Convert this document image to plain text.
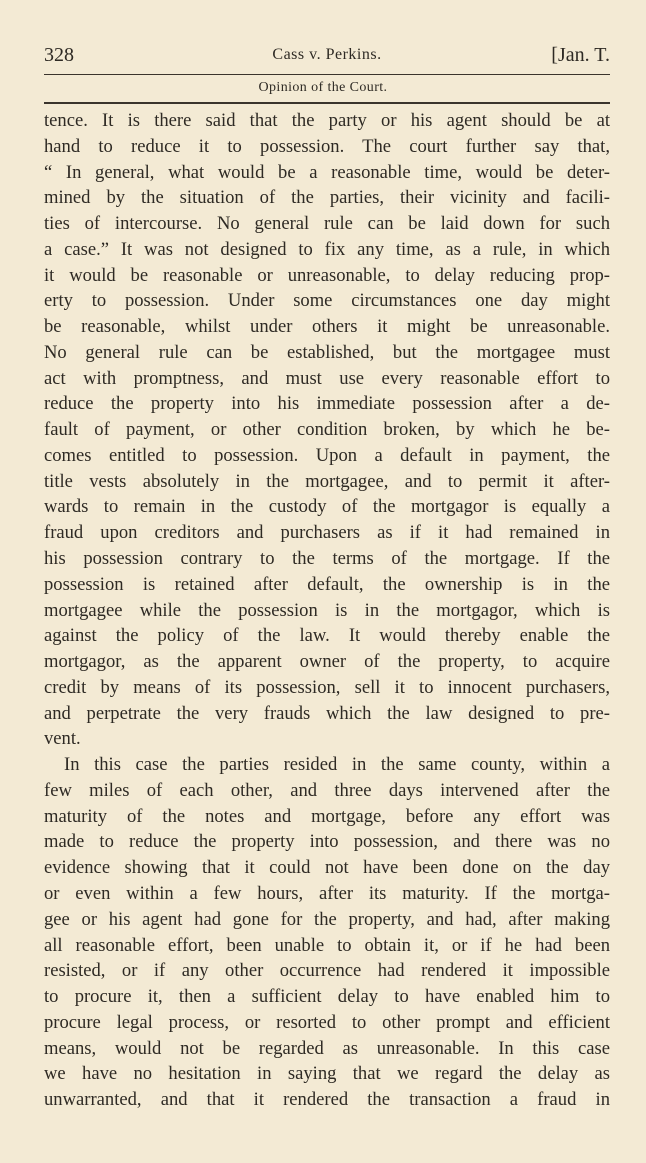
328	Cass v. Perkins.	[Jan. T.
Opinion of the Court.
tence. It is there said that the party or his agent should be at
hand to reduce it to possession. The court further say that,
“ In general, what would be a reasonable time, would be deter-
mined by the situation of the parties, their vicinity and facili-
ties of intercourse. No general rule can be laid down for such
a case.” It was not designed to fix any time, as a rule, in which
it would be reasonable or unreasonable, to delay reducing prop-
erty to possession. Under some circumstances one day might
be reasonable, whilst under others it might be unreasonable.
No general rule can be established, but the mortgagee must
act with promptness, and must use every reasonable effort to
reduce the property into his immediate possession after a de-
fault of payment, or other condition broken, by which he be-
comes entitled to possession. Upon a default in payment, the
title vests absolutely in the mortgagee, and to permit it after-
wards to remain in the custody of the mortgagor is equally a
fraud upon creditors and purchasers as if it had remained in
his possession contrary to the terms of the mortgage. If the
possession is retained after default, the ownership is in the
mortgagee while the possession is in the mortgagor, which is
against the policy of the law. It would thereby enable the
mortgagor, as the apparent owner of the property, to acquire
credit by means of its possession, sell it to innocent purchasers,
and perpetrate the very frauds which the law designed to pre-
vent.
In this case the parties resided in the same county, within a
few miles of each other, and three days intervened after the
maturity of the notes and mortgage, before any effort was
made to reduce the property into possession, and there was no
evidence showing that it could not have been done on the day
or even within a few hours, after its maturity. If the mortga-
gee or his agent had gone for the property, and had, after making
all reasonable effort, been unable to obtain it, or if he had been
resisted, or if any other occurrence had rendered it impossible
to procure it, then a sufficient delay to have enabled him to
procure legal process, or resorted to other prompt and efficient
means, would not be regarded as unreasonable. In this case
we have no hesitation in saying that we regard the delay as
unwarranted, and that it rendered the transaction a fraud in
